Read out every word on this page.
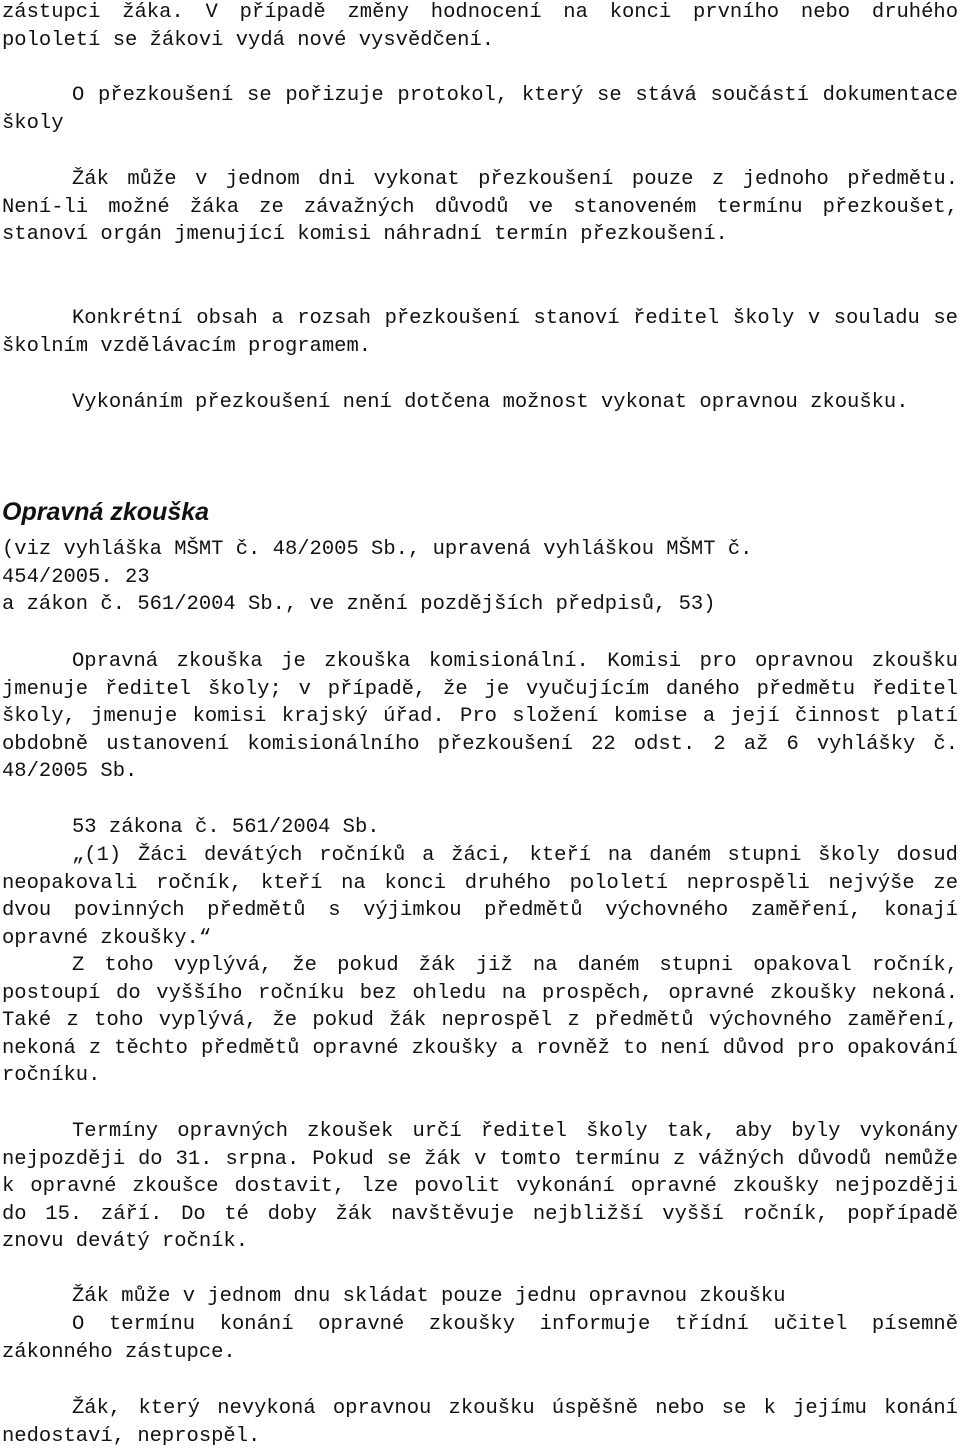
zástupci žáka. V případě změny hodnocení na konci prvního nebo druhého pololetí se žákovi vydá nové vysvědčení.

O přezkoušení se pořizuje protokol, který se stává součástí dokumentace školy

Žák může v jednom dni vykonat přezkoušení pouze z jednoho předmětu. Není-li možné žáka ze závažných důvodů ve stanoveném termínu přezkoušet, stanoví orgán jmenující komisi náhradní termín přezkoušení.

Konkrétní obsah a rozsah přezkoušení stanoví ředitel školy v souladu se školním vzdělávacím programem.

Vykonáním přezkoušení není dotčena možnost vykonat opravnou zkoušku.

Opravná zkouška

(viz vyhláška MŠMT č. 48/2005 Sb., upravená vyhláškou MŠMT č.
454/2005. 23
a zákon č. 561/2004 Sb., ve znění pozdějších předpisů, 53)

Opravná zkouška je zkouška komisionální. Komisi pro opravnou zkoušku jmenuje ředitel školy; v případě, že je vyučujícím daného předmětu ředitel školy, jmenuje komisi krajský úřad. Pro složení komise a její činnost platí obdobně ustanovení komisionálního přezkoušení 22 odst. 2 až 6 vyhlášky č. 48/2005 Sb.

53 zákona č. 561/2004 Sb.

„(1) Žáci devátých ročníků a žáci, kteří na daném stupni školy dosud neopakovali ročník, kteří na konci druhého pololetí neprospěli nejvýše ze dvou povinných předmětů s výjimkou předmětů výchovného zaměření, konají opravné zkoušky.“

Z toho vyplývá, že pokud žák již na daném stupni opakoval ročník, postoupí do vyššího ročníku bez ohledu na prospěch, opravné zkoušky nekoná. Také z toho vyplývá, že pokud žák neprospěl z předmětů výchovného zaměření, nekoná z těchto předmětů opravné zkoušky a rovněž to není důvod pro opakování ročníku.

Termíny opravných zkoušek určí ředitel školy tak, aby byly vykonány nejpozději do 31. srpna. Pokud se žák v tomto termínu z vážných důvodů nemůže k opravné zkoušce dostavit, lze povolit vykonání opravné zkoušky nejpozději do 15. září. Do té doby žák navštěvuje nejbližší vyšší ročník, popřípadě znovu devátý ročník.

Žák může v jednom dnu skládat pouze jednu opravnou zkoušku

O termínu konání opravné zkoušky informuje třídní učitel písemně zákonného zástupce.

Žák, který nevykoná opravnou zkoušku úspěšně nebo se k jejímu konání nedostaví, neprospěl.
